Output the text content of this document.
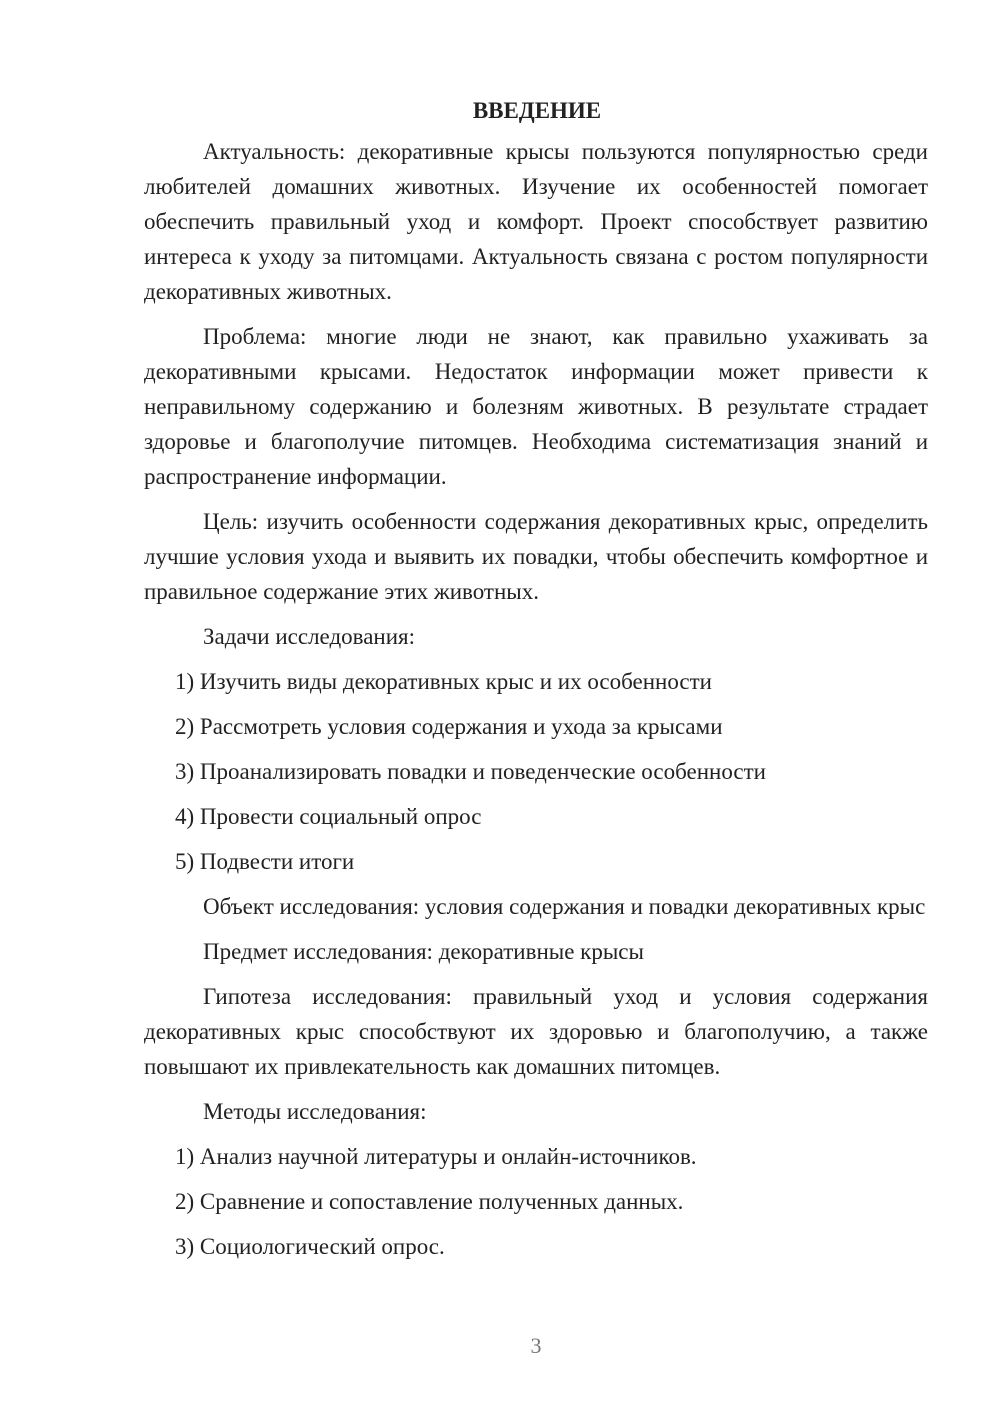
ВВЕДЕНИЕ

Актуальность: декоративные крысы пользуются популярностью среди любителей домашних животных. Изучение их особенностей помогает обеспечить правильный уход и комфорт. Проект способствует развитию интереса к уходу за питомцами. Актуальность связана с ростом популярности декоративных животных.

Проблема: многие люди не знают, как правильно ухаживать за декоративными крысами. Недостаток информации может привести к неправильному содержанию и болезням животных. В результате страдает здоровье и благополучие питомцев. Необходима систематизация знаний и распространение информации.

Цель: изучить особенности содержания декоративных крыс, определить лучшие условия ухода и выявить их повадки, чтобы обеспечить комфортное и правильное содержание этих животных.

Задачи исследования:

1) Изучить виды декоративных крыс и их особенности

2) Рассмотреть условия содержания и ухода за крысами

3) Проанализировать повадки и поведенческие особенности

4) Провести социальный опрос

5) Подвести итоги

Объект исследования: условия содержания и повадки декоративных крыс

Предмет исследования: декоративные крысы

Гипотеза исследования: правильный уход и условия содержания декоративных крыс способствуют их здоровью и благополучию, а также повышают их привлекательность как домашних питомцев.

Методы исследования:

1) Анализ научной литературы и онлайн-источников.

2) Сравнение и сопоставление полученных данных.

3) Социологический опрос.

3
